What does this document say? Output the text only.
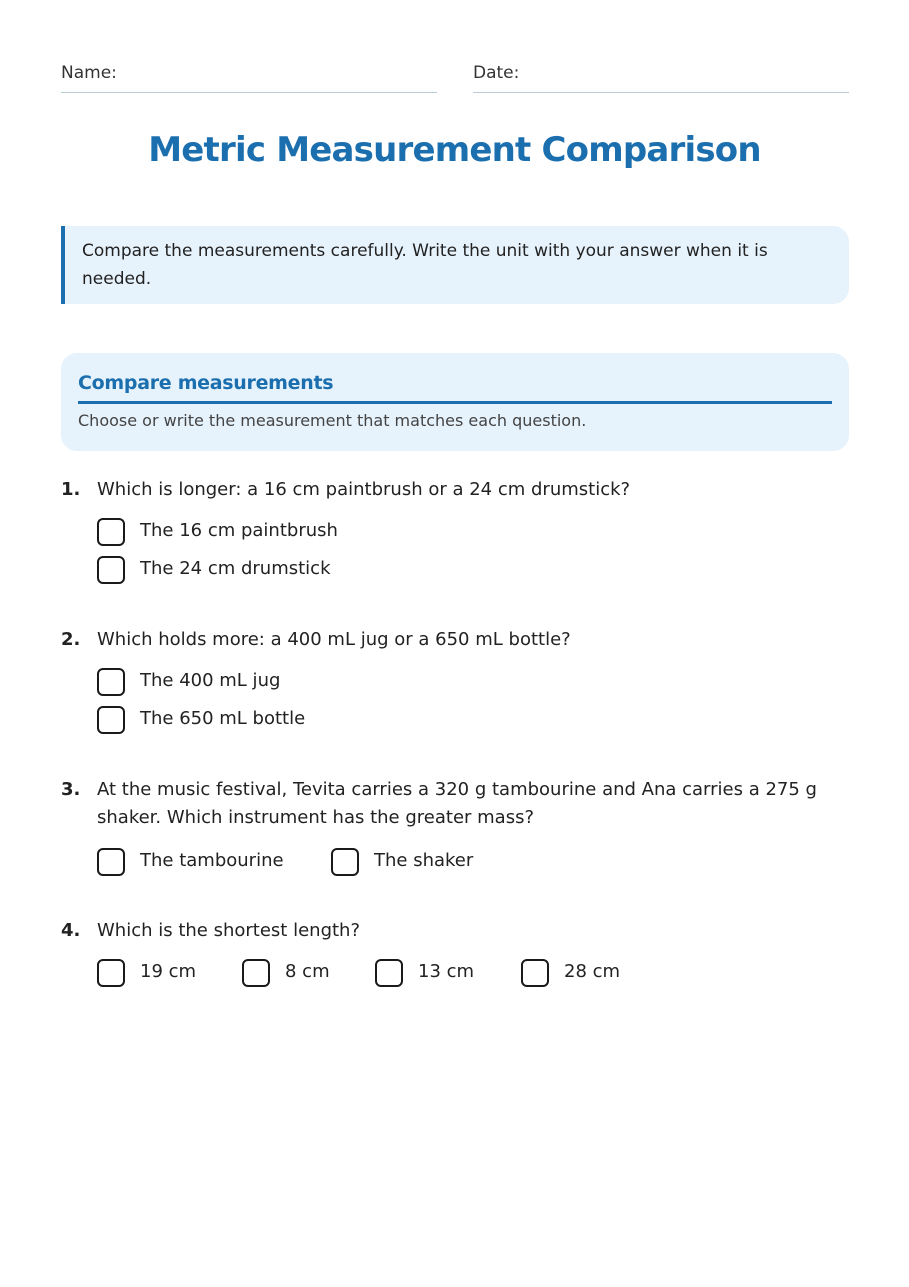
Name:	Date:
Metric Measurement Comparison
Compare the measurements carefully. Write the unit with your answer when it is needed.
Compare measurements
Choose or write the measurement that matches each question.
1. Which is longer: a 16 cm paintbrush or a 24 cm drumstick?
The 16 cm paintbrush
The 24 cm drumstick
2. Which holds more: a 400 mL jug or a 650 mL bottle?
The 400 mL jug
The 650 mL bottle
3. At the music festival, Tevita carries a 320 g tambourine and Ana carries a 275 g shaker. Which instrument has the greater mass?
The tambourine	The shaker
4. Which is the shortest length?
19 cm	8 cm	13 cm	28 cm
